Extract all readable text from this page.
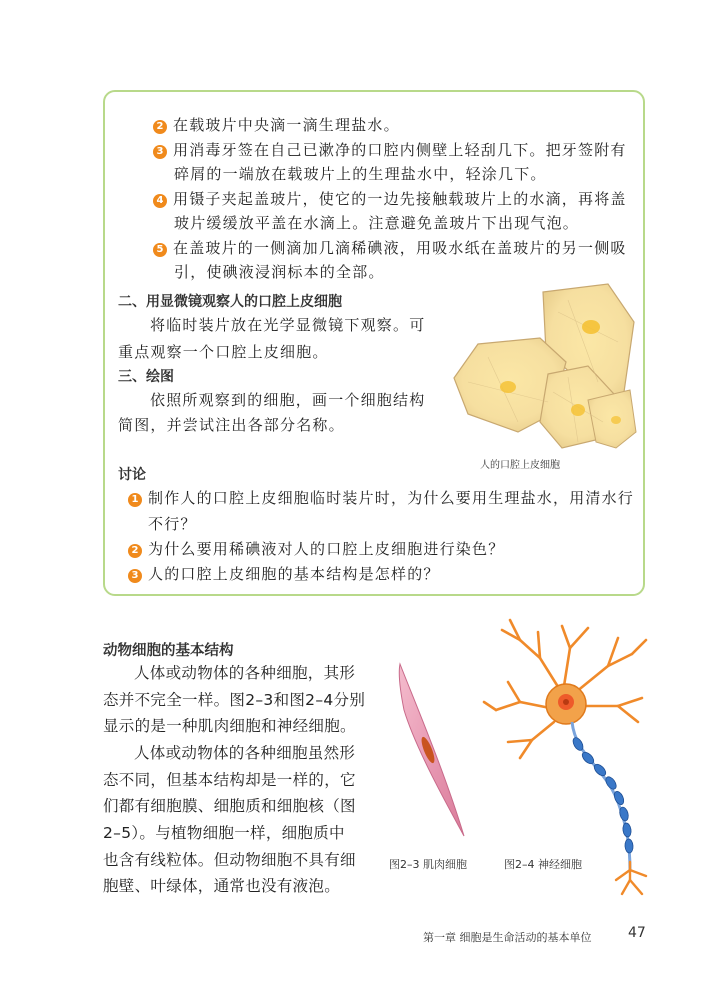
2 在载玻片中央滴一滴生理盐水。
3 用消毒牙签在自己已漱净的口腔内侧壁上轻刮几下。把牙签附有
碎屑的一端放在载玻片上的生理盐水中，轻涂几下。
4 用镊子夹起盖玻片，使它的一边先接触载玻片上的水滴，再将盖
玻片缓缓放平盖在水滴上。注意避免盖玻片下出现气泡。
5 在盖玻片的一侧滴加几滴稀碘液，用吸水纸在盖玻片的另一侧吸
引，使碘液浸润标本的全部。
二、用显微镜观察人的口腔上皮细胞
将临时装片放在光学显微镜下观察。可
重点观察一个口腔上皮细胞。
三、绘图
依照所观察到的细胞，画一个细胞结构
简图，并尝试注出各部分名称。
人的口腔上皮细胞
讨论
1 制作人的口腔上皮细胞临时装片时，为什么要用生理盐水，用清水行
不行？
2 为什么要用稀碘液对人的口腔上皮细胞进行染色？
3 人的口腔上皮细胞的基本结构是怎样的？
动物细胞的基本结构
人体或动物体的各种细胞，其形
态并不完全一样。图2–3和图2–4分别
显示的是一种肌肉细胞和神经细胞。
人体或动物体的各种细胞虽然形
态不同，但基本结构却是一样的，它
们都有细胞膜、细胞质和细胞核（图
2–5）。与植物细胞一样，细胞质中
也含有线粒体。但动物细胞不具有细
胞壁、叶绿体，通常也没有液泡。
图2–3 肌肉细胞	图2–4 神经细胞
第一章 细胞是生命活动的基本单位	47
